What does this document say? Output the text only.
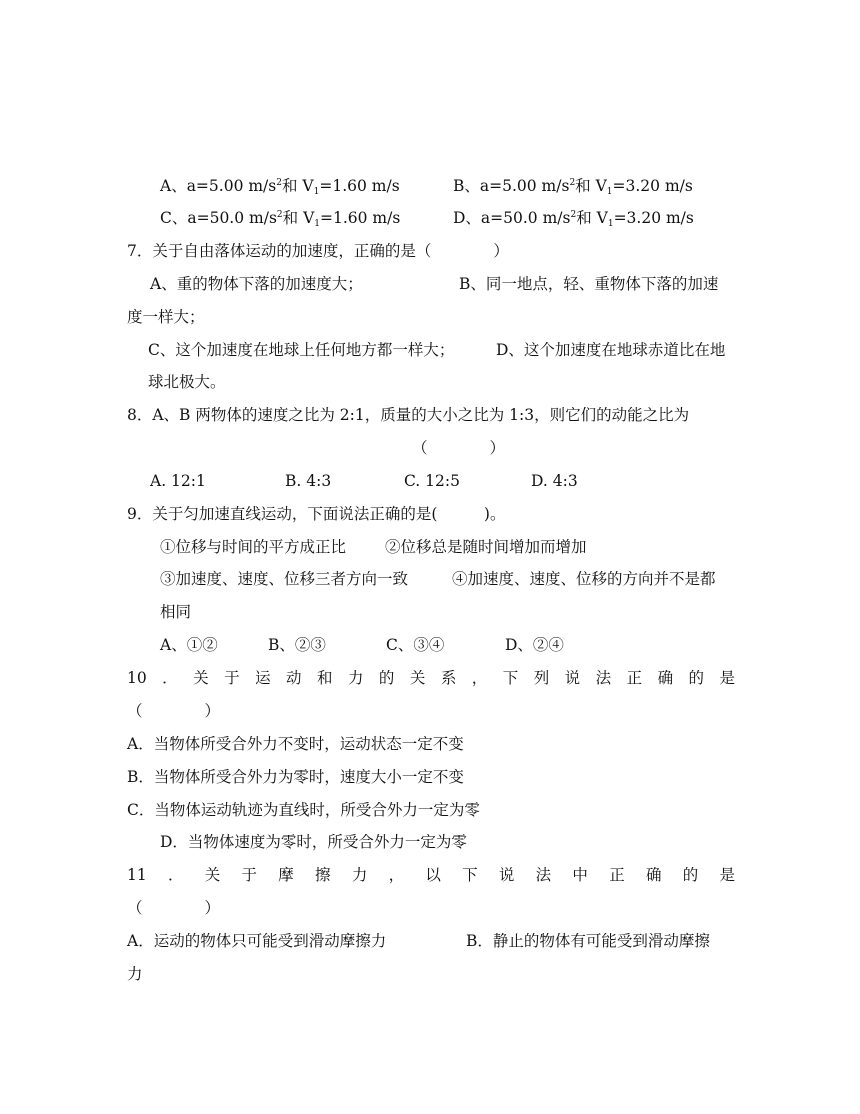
A、a=5.00 $m/s^2$和 $V_1=1.60$ m/s	B、a=5.00 $m/s^2$和 $V_1=3.20$ m/s
C、a=50.0 $m/s^2$和 $V_1=1.60$ m/s	D、a=50.0 $m/s^2$和 $V_1=3.20$ m/s
7．关于自由落体运动的加速度，正确的是（　　　　）
A、重的物体下落的加速度大；	B、同一地点，轻、重物体下落的加速
度一样大；
C、这个加速度在地球上任何地方都一样大；	D、这个加速度在地球赤道比在地
球北极大。
8．A、B 两物体的速度之比为 2:1，质量的大小之比为 1:3，则它们的动能之比为
（　　　　）
A. 12:1	B. 4:3	C. 12:5	D. 4:3
9．关于匀加速直线运动，下面说法正确的是(　　　)。
①位移与时间的平方成正比	②位移总是随时间增加而增加
③加速度、速度、位移三者方向一致	④加速度、速度、位移的方向并不是都
相同
A、①②	B、②③	C、③④	D、②④
10．关于运动和力的关系，下列说法正确的是
（　　　　）
A．当物体所受合外力不变时，运动状态一定不变
B．当物体所受合外力为零时，速度大小一定不变
C．当物体运动轨迹为直线时，所受合外力一定为零
D．当物体速度为零时，所受合外力一定为零
11．关于摩擦力，以下说法中正确的是
（　　　　）
A．运动的物体只可能受到滑动摩擦力	B．静止的物体有可能受到滑动摩擦
力
